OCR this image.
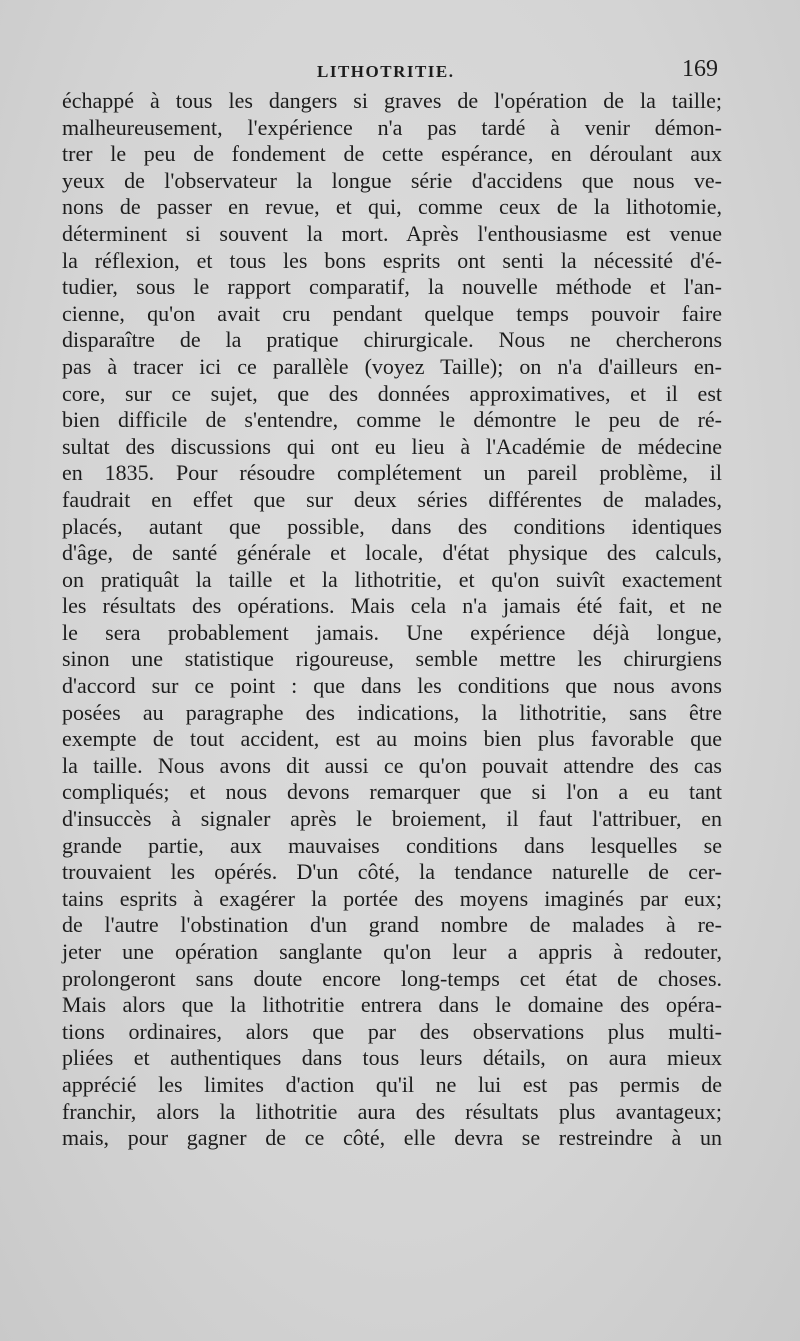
LITHOTRITIE.	169
échappé à tous les dangers si graves de l'opération de la taille;
malheureusement, l'expérience n'a pas tardé à venir démon-
trer le peu de fondement de cette espérance, en déroulant aux
yeux de l'observateur la longue série d'accidens que nous ve-
nons de passer en revue, et qui, comme ceux de la lithotomie,
déterminent si souvent la mort. Après l'enthousiasme est venue
la réflexion, et tous les bons esprits ont senti la nécessité d'é-
tudier, sous le rapport comparatif, la nouvelle méthode et l'an-
cienne, qu'on avait cru pendant quelque temps pouvoir faire
disparaître de la pratique chirurgicale. Nous ne chercherons
pas à tracer ici ce parallèle (voyez Taille); on n'a d'ailleurs en-
core, sur ce sujet, que des données approximatives, et il est
bien difficile de s'entendre, comme le démontre le peu de ré-
sultat des discussions qui ont eu lieu à l'Académie de médecine
en 1835. Pour résoudre complétement un pareil problème, il
faudrait en effet que sur deux séries différentes de malades,
placés, autant que possible, dans des conditions identiques
d'âge, de santé générale et locale, d'état physique des calculs,
on pratiquât la taille et la lithotritie, et qu'on suivît exactement
les résultats des opérations. Mais cela n'a jamais été fait, et ne
le sera probablement jamais. Une expérience déjà longue,
sinon une statistique rigoureuse, semble mettre les chirurgiens
d'accord sur ce point : que dans les conditions que nous avons
posées au paragraphe des indications, la lithotritie, sans être
exempte de tout accident, est au moins bien plus favorable que
la taille. Nous avons dit aussi ce qu'on pouvait attendre des cas
compliqués; et nous devons remarquer que si l'on a eu tant
d'insuccès à signaler après le broiement, il faut l'attribuer, en
grande partie, aux mauvaises conditions dans lesquelles se
trouvaient les opérés. D'un côté, la tendance naturelle de cer-
tains esprits à exagérer la portée des moyens imaginés par eux;
de l'autre l'obstination d'un grand nombre de malades à re-
jeter une opération sanglante qu'on leur a appris à redouter,
prolongeront sans doute encore long-temps cet état de choses.
Mais alors que la lithotritie entrera dans le domaine des opéra-
tions ordinaires, alors que par des observations plus multi-
pliées et authentiques dans tous leurs détails, on aura mieux
apprécié les limites d'action qu'il ne lui est pas permis de
franchir, alors la lithotritie aura des résultats plus avantageux;
mais, pour gagner de ce côté, elle devra se restreindre à un
